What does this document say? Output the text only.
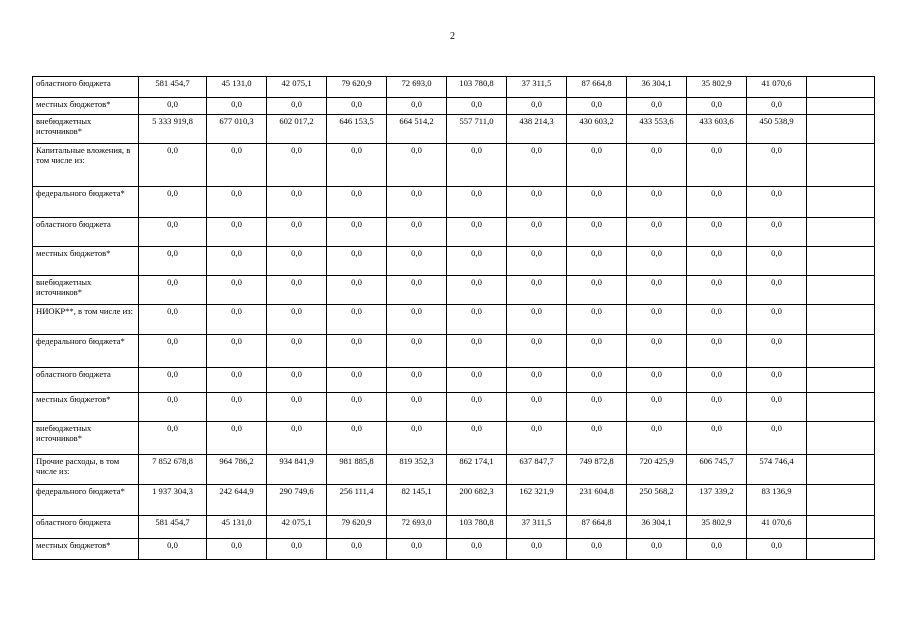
2
областного бюджета	581 454,7	45 131,0	42 075,1	79 620,9	72 693,0	103 780,8	37 311,5	87 664,8	36 304,1	35 802,9	41 070,6	
местных бюджетов*	0,0	0,0	0,0	0,0	0,0	0,0	0,0	0,0	0,0	0,0	0,0	
внебюджетных источников*	5 333 919,8	677 010,3	602 017,2	646 153,5	664 514,2	557 711,0	438 214,3	430 603,2	433 553,6	433 603,6	450 538,9	
Капитальные вложения, в том числе из:	0,0	0,0	0,0	0,0	0,0	0,0	0,0	0,0	0,0	0,0	0,0	
федерального бюджета*	0,0	0,0	0,0	0,0	0,0	0,0	0,0	0,0	0,0	0,0	0,0	
областного бюджета	0,0	0,0	0,0	0,0	0,0	0,0	0,0	0,0	0,0	0,0	0,0	
местных бюджетов*	0,0	0,0	0,0	0,0	0,0	0,0	0,0	0,0	0,0	0,0	0,0	
внебюджетных источников*	0,0	0,0	0,0	0,0	0,0	0,0	0,0	0,0	0,0	0,0	0,0	
НИОКР**, в том числе из:	0,0	0,0	0,0	0,0	0,0	0,0	0,0	0,0	0,0	0,0	0,0	
федерального бюджета*	0,0	0,0	0,0	0,0	0,0	0,0	0,0	0,0	0,0	0,0	0,0	
областного бюджета	0,0	0,0	0,0	0,0	0,0	0,0	0,0	0,0	0,0	0,0	0,0	
местных бюджетов*	0,0	0,0	0,0	0,0	0,0	0,0	0,0	0,0	0,0	0,0	0,0	
внебюджетных источников*	0,0	0,0	0,0	0,0	0,0	0,0	0,0	0,0	0,0	0,0	0,0	
Прочие расходы, в том числе из:	7 852 678,8	964 786,2	934 841,9	981 885,8	819 352,3	862 174,1	637 847,7	749 872,8	720 425,9	606 745,7	574 746,4	
федерального бюджета*	1 937 304,3	242 644,9	290 749,6	256 111,4	82 145,1	200 682,3	162 321,9	231 604,8	250 568,2	137 339,2	83 136,9	
областного бюджета	581 454,7	45 131,0	42 075,1	79 620,9	72 693,0	103 780,8	37 311,5	87 664,8	36 304,1	35 802,9	41 070,6	
местных бюджетов*	0,0	0,0	0,0	0,0	0,0	0,0	0,0	0,0	0,0	0,0	0,0	
